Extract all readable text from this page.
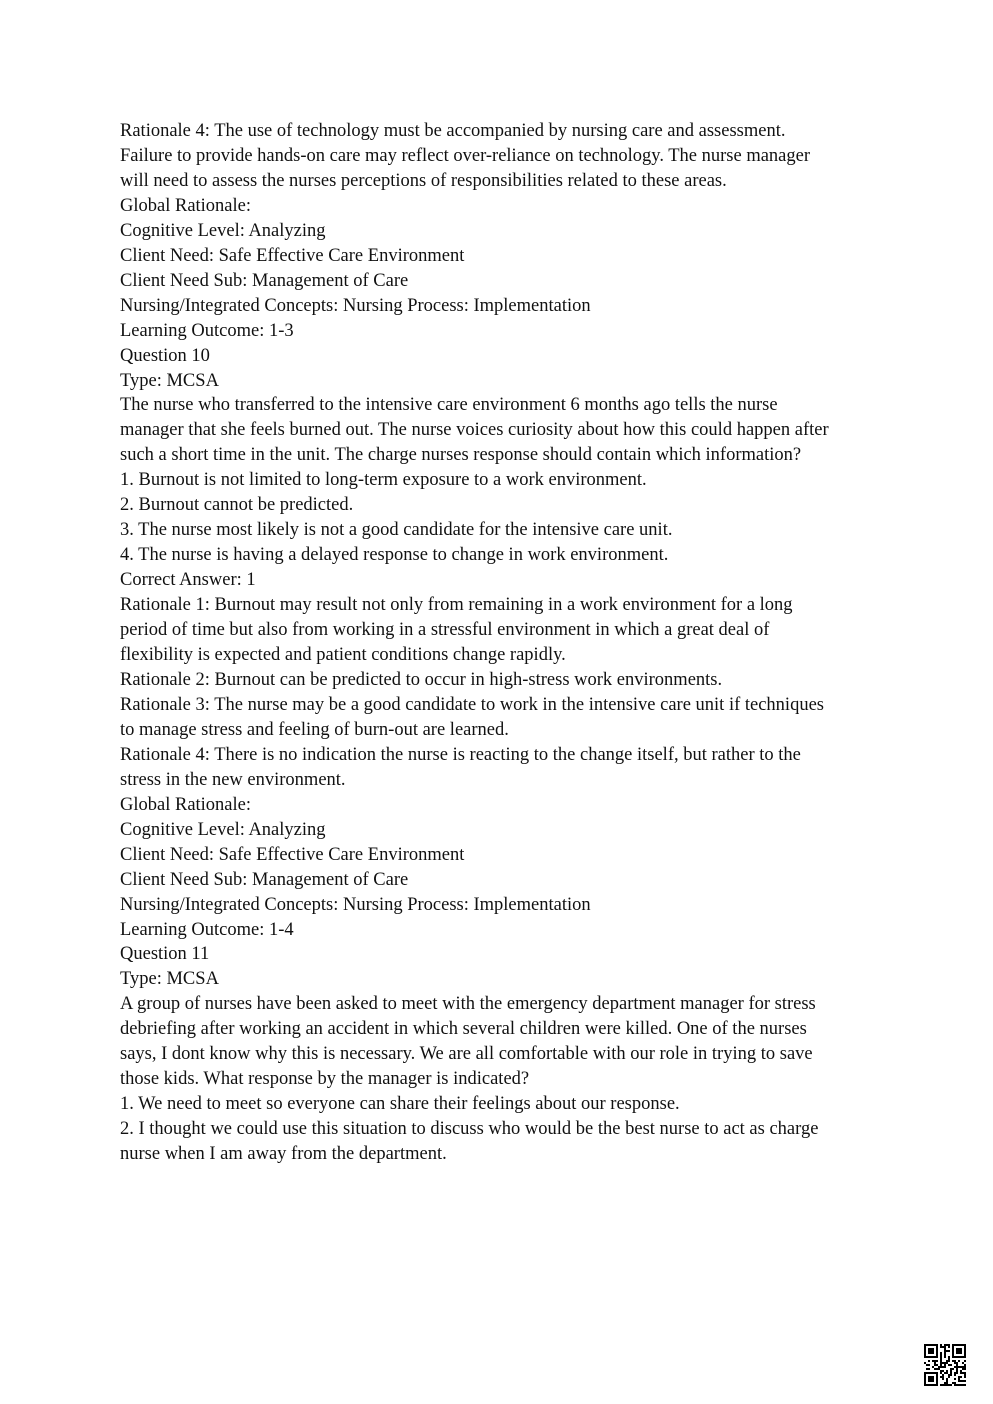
Rationale 4: The use of technology must be accompanied by nursing care and assessment.

Failure to provide hands-on care may reflect over-reliance on technology. The nurse manager

will need to assess the nurses perceptions of responsibilities related to these areas.

Global Rationale:

Cognitive Level: Analyzing

Client Need: Safe Effective Care Environment

Client Need Sub: Management of Care

Nursing/Integrated Concepts: Nursing Process: Implementation

Learning Outcome: 1-3

Question 10

Type: MCSA

The nurse who transferred to the intensive care environment 6 months ago tells the nurse

manager that she feels burned out. The nurse voices curiosity about how this could happen after

such a short time in the unit. The charge nurses response should contain which information?

1. Burnout is not limited to long-term exposure to a work environment.

2. Burnout cannot be predicted.

3. The nurse most likely is not a good candidate for the intensive care unit.

4. The nurse is having a delayed response to change in work environment.

Correct Answer: 1

Rationale 1: Burnout may result not only from remaining in a work environment for a long

period of time but also from working in a stressful environment in which a great deal of

flexibility is expected and patient conditions change rapidly.

Rationale 2: Burnout can be predicted to occur in high-stress work environments.

Rationale 3: The nurse may be a good candidate to work in the intensive care unit if techniques

to manage stress and feeling of burn-out are learned.

Rationale 4: There is no indication the nurse is reacting to the change itself, but rather to the

stress in the new environment.

Global Rationale:

Cognitive Level: Analyzing

Client Need: Safe Effective Care Environment

Client Need Sub: Management of Care

Nursing/Integrated Concepts: Nursing Process: Implementation

Learning Outcome: 1-4

Question 11

Type: MCSA

A group of nurses have been asked to meet with the emergency department manager for stress

debriefing after working an accident in which several children were killed. One of the nurses

says, I dont know why this is necessary. We are all comfortable with our role in trying to save

those kids. What response by the manager is indicated?

1. We need to meet so everyone can share their feelings about our response.

2. I thought we could use this situation to discuss who would be the best nurse to act as charge

nurse when I am away from the department.
